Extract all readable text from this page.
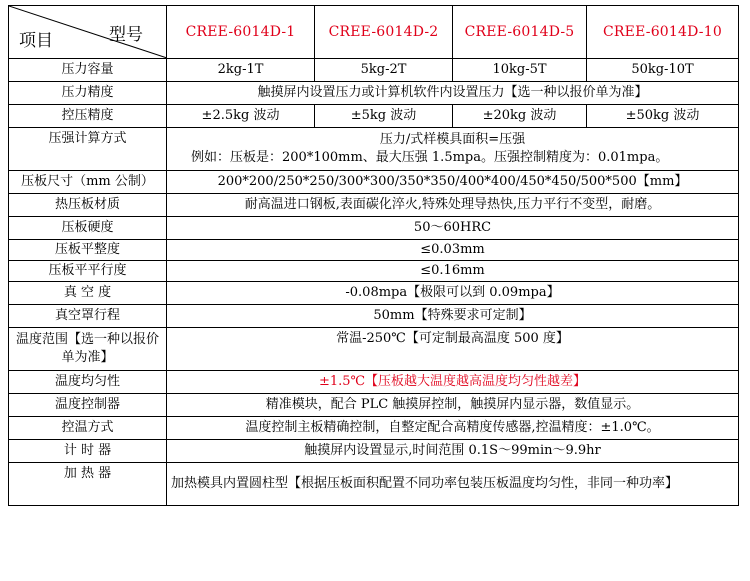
项目 型号	CREE-6014D-1	CREE-6014D-2	CREE-6014D-5	CREE-6014D-10
压力容量	2kg-1T	5kg-2T	10kg-5T	50kg-10T
压力精度	触摸屏内设置压力或计算机软件内设置压力【选一种以报价单为准】			
控压精度	±2.5kg 波动	±5kg 波动	±20kg 波动	±50kg 波动
压强计算方式	压力/式样模具面积=压强
例如：压板是：200*100mm、最大压强 1.5mpa。压强控制精度为：0.01mpa。			

压板尺寸（mm 公制）	200*200/250*250/300*300/350*350/400*400/450*450/500*500【mm】			
热压板材质	耐高温进口钢板,表面碳化淬火,特殊处理导热快,压力平行不变型，耐磨。			
压板硬度	50～60HRC			
压板平整度	≤0.03mm			
压板平平行度	≤0.16mm			
真 空 度	-0.08mpa【极限可以到 0.09mpa】			
真空罩行程	50mm【特殊要求可定制】			
温度范围【选一种以报价单为准】	常温-250℃【可定制最高温度 500 度】			
温度均匀性	±1.5℃【压板越大温度越高温度均匀性越差】			
温度控制器	精准模块，配合 PLC 触摸屏控制，触摸屏内显示器，数值显示。			
控温方式	温度控制主板精确控制，自整定配合高精度传感器,控温精度：±1.0℃。			
计 时 器	触摸屏内设置显示,时间范围 0.1S～99min～9.9hr			
加 热 器	加热模具内置圆柱型【根据压板面积配置不同功率包装压板温度均匀性，非同一种功率】			
